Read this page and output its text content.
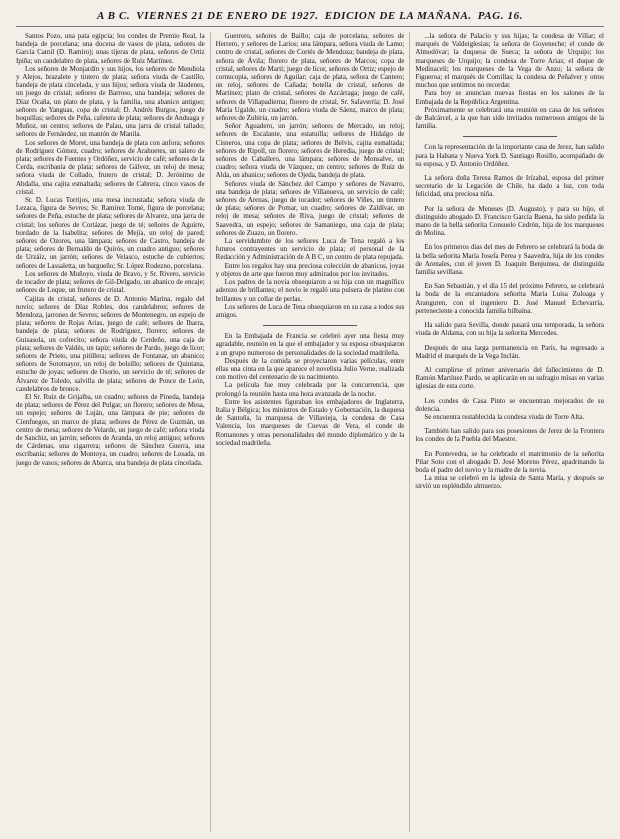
A B C. VIERNES 21 DE ENERO DE 1927. EDICION DE LA MAÑANA. PAG. 16.

Santos Pozo, una pata egipcia; los condes de Premio Real, la bandeja de porcelana; una docena de vasos de plata, señores de García Camil (D. Ramiro); unas tijeras de plata, señores de Ortiz Ipiña; un candelabro de plata, señores de Ruiz Martínez.

Los señores de Monjardín y sus hijos, los señores de Mendiola y Alejos, brazalete y tintero de plata; señora viuda de Castillo, bandeja de plata cincelada, y sus hijos; señora viuda de Jáudenes, un juego de cristal; señores de Barroso, una bandeja; señores de Díaz Ocaña, un plato de plata, y la familia, una abanico antiguo; señores de Yanguas, copa de cristal; D. Andrés Burgos, juego de boquillas; señores de Peña, cafetera de plata; señores de Anduaga y Muñoz, un centro; señores de Palau, una jarra de cristal tallado; señores de Fernández, un mantón de Manila.

Los señores de Moret, una bandeja de plata con anfora; señores de Rodríguez Gómez, cuadro; señores de Arahuetes, un salero de plata; señores de Fuentes y Ordóñez, servicio de café; señores de la Cerda, escribanía de plata; señores de Gálvez, un reloj de mesa; señora viuda de Collado, frutero de cristal; D. Jerónimo de Abdalla, una cajita esmaltada; señores de Cabrera, cinco vasos de cristal.

Sr. D. Lucas Torrijos, una mesa incrustada; señora viuda de Lezaca, figura de Sevres; Sr. Ramírez Tomé, figura de porcelana; señores de Peña, estuche de plata; señores de Alvarez, una jarra de cristal; los señores de Cortázar, juego de té; señores de Aguirre, bordado de la Isabelita; señores de Mejía, un reloj de pared; señores de Ozores, una lámpara; señores de Castro, bandeja de plata; señores de Bernaldo de Quirós, un cuadro antiguo; señores de Urzáiz, un jarrón; señores de Velasco, estuche de cubiertos; señores de Lassaletta, un bargueño; Sr. López Rodezno, porcelana.

Los señores de Muñoyo, viuda de Bravo, y Sr. Rivero, servicio de tocador de plata; señores de Gil-Delgado, un abanico de encaje; señores de Luque, un frutero de cristal.

Cajitas de cristal, señores de D. Antonio Marina, regalo del novio; señores de Díaz Robles, dos candelabros; señores de Mendoza, jarrones de Sevres; señores de Montenegro, un espejo de plata; señores de Rojas Arias, juego de café; señores de Ibarra, bandeja de plata; señores de Rodríguez, florero; señores de Guisasola, un cofrecito; señora viuda de Cerdeño, una caja de plata; señores de Valdés, un tapiz; señores de Pardo, juego de licor; señores de Prieto, una pitillera; señores de Fontanar, un abanico; señores de Sotomayor, un reloj de bolsillo; señores de Quintana, estuche de joyas; señores de Osorio, un servicio de té; señores de Álvarez de Toledo, salvilla de plata; señores de Ponce de León, candelabros de bronce.

El Sr. Ruiz de Grijalba, un cuadro; señores de Pineda, bandeja de plata; señores de Pérez del Pulgar, un florero; señores de Mesa, un espejo; señores de Luján, una lámpara de pie; señores de Cienfuegos, un marco de plata; señores de Pérez de Guzmán, un centro de mesa; señores de Velarde, un juego de café; señora viuda de Sanchiz, un jarrón; señores de Aranda, un reloj antiguo; señores de Cárdenas, una cigarrera; señores de Sánchez Guerra, una escribanía; señores de Montoya, un cuadro; señores de Losada, un juego de vasos; señores de Abarca, una bandeja de plata cincelada.

Guerrero, señores de Baillo; caja de porcelana, señores de Herrero, y señores de Larios; una lámpara, señora viuda de Lamo; centro de cristal, señores de Cortés de Mendoza; bandeja de plata, señora de Ávila; florero de plata, señores de Marcos; copa de cristal, señores de Martí; juego de licor, señores de Ortiz; espejo de cornucopia, señores de Aguilar; caja de plata, señora de Cantero; un reloj, señores de Cañada; botella de cristal, señores de Martínez; plato de cristal, señores de Azcárraga; juego de café, señores de Villapadierna; florero de cristal, Sr. Salaverría; D. José María Ugalde, un cuadro; señora viuda de Sáenz, marco de plata; señores de Zubiria, un jarrón.

Señor Aguadero, un jarrón; señores de Mercado, un reloj; señores de Escalante, una estatuilla; señores de Hidalgo de Cisneros, una copa de plata; señores de Belvis, cajita esmaltada; señores de Ripoll, un florero; señores de Heredia, juego de cristal; señores de Caballero, una lámpara; señores de Monsalve, un cuadro; señora viuda de Vázquez, un centro; señores de Ruiz de Alda, un abanico; señores de Ojeda, bandeja de plata.

Señores viuda de Sánchez del Campo y señores de Navarro, una bandeja de plata; señores de Villanueva, un servicio de café; señores de Arenas, juego de tocador; señores de Viñes, un tintero de plata; señores de Pomar, un cuadro; señores de Zaldívar, un reloj de mesa; señores de Riva, juego de cristal; señores de Saavedra, un espejo; señores de Samaniego, una caja de plata; señores de Zuazo, un florero.

La servidumbre de los señores Luca de Tena regaló a los futuros contrayentes un servicio de plata; el personal de la Redacción y Administración de A B C, un centro de plata repujada.

Entre los regalos hay una preciosa colección de abanicos, joyas y objetos de arte que fueron muy admirados por los invitados.

Los padres de la novia obsequiaron a su hija con un magnífico aderezo de brillantes; el novio le regaló una pulsera de platino con brillantes y un collar de perlas.

Los señores de Luca de Tena obsequiaron en su casa a todos sus amigos.

En la Embajada de Francia se celebró ayer una fiesta muy agradable, reunión en la que el embajador y su esposa obsequiaron a un grupo numeroso de personalidades de la sociedad madrileña.

Después de la comida se proyectaron varias películas, entre ellas una cinta en la que aparece el novelista Julio Verne, realizada con motivo del centenario de su nacimiento.

La película fue muy celebrada por la concurrencia, que prolongó la reunión hasta una hora avanzada de la noche.

Entre los asistentes figuraban los embajadores de Inglaterra, Italia y Bélgica; los ministros de Estado y Gobernación, la duquesa de Santoña, la marquesa de Villavieja, la condesa de Casa Valencia, los marqueses de Cuevas de Vera, el conde de Romanones y otras personalidades del mundo diplomático y de la sociedad madrileña.

...la señora de Palacio y sus hijas; la condesa de Villar; el marqués de Valdeiglesias; la señora de Goyeneche; el conde de Almodóvar; la duquesa de Sueca; la señora de Urquijo; los marqueses de Urquijo; la condesa de Torre Arias; el duque de Medinaceli; los marqueses de la Vega de Anzo; la señora de Figueroa; el marqués de Comillas; la condesa de Peñalver y otros muchos que sentimos no recordar.

Para hoy se anuncian nuevas fiestas en los salones de la Embajada de la República Argentina.

Próximamente se celebrará una reunión en casa de los señores de Balcárcel, a la que han sido invitados numerosos amigos de la familia.

Con la representación de la importante casa de Jerez, han salido para la Habana y Nueva York D. Santiago Rosillo, acompañado de su esposa, y D. Antonio Ordóñez.

La señora doña Teresa Ramos de Irízabal, esposa del primer secretario de la Legación de Chile, ha dado a luz, con toda felicidad, una preciosa niña.

Por la señora de Meneses (D. Augusto), y para su hijo, el distinguido abogado D. Francisco García Baena, ha sido pedida la mano de la bella señorita Consuelo Cedrón, hija de los marqueses de Molina.

En los primeros días del mes de Febrero se celebrará la boda de la bella señorita María Josefa Perea y Saavedra, hija de los condes de Arenales, con el joven D. Joaquín Benjumea, de distinguida familia sevillana.

En San Sebastián, y el día 15 del próximo Febrero, se celebrará la boda de la encantadora señorita María Luisa Zuloaga y Aranguren, con el ingeniero D. José Manuel Echevarría, perteneciente a conocida familia bilbaína.

Ha salido para Sevilla, donde pasará una temporada, la señora viuda de Aldama, con su hija la señorita Mercedes.

Después de una larga permanencia en París, ha regresado a Madrid el marqués de la Vega Inclán.

Al cumplirse el primer aniversario del fallecimiento de D. Ramón Martínez Pardo, se aplicarán en su sufragio misas en varias iglesias de esta corte.

Los condes de Casa Pinto se encuentran mejorados de su dolencia.

Se encuentra restablecida la condesa viuda de Torre Alta.

También han salido para sus posesiones de Jerez de la Frontera los condes de la Puebla del Maestre.

En Pontevedra, se ha celebrado el matrimonio de la señorita Pilar Soto con el abogado D. José Moreno Pérez, apadrinando la boda el padre del novio y la madre de la novia.

La misa se celebró en la iglesia de Santa María, y después se sirvió un espléndido almuerzo.
